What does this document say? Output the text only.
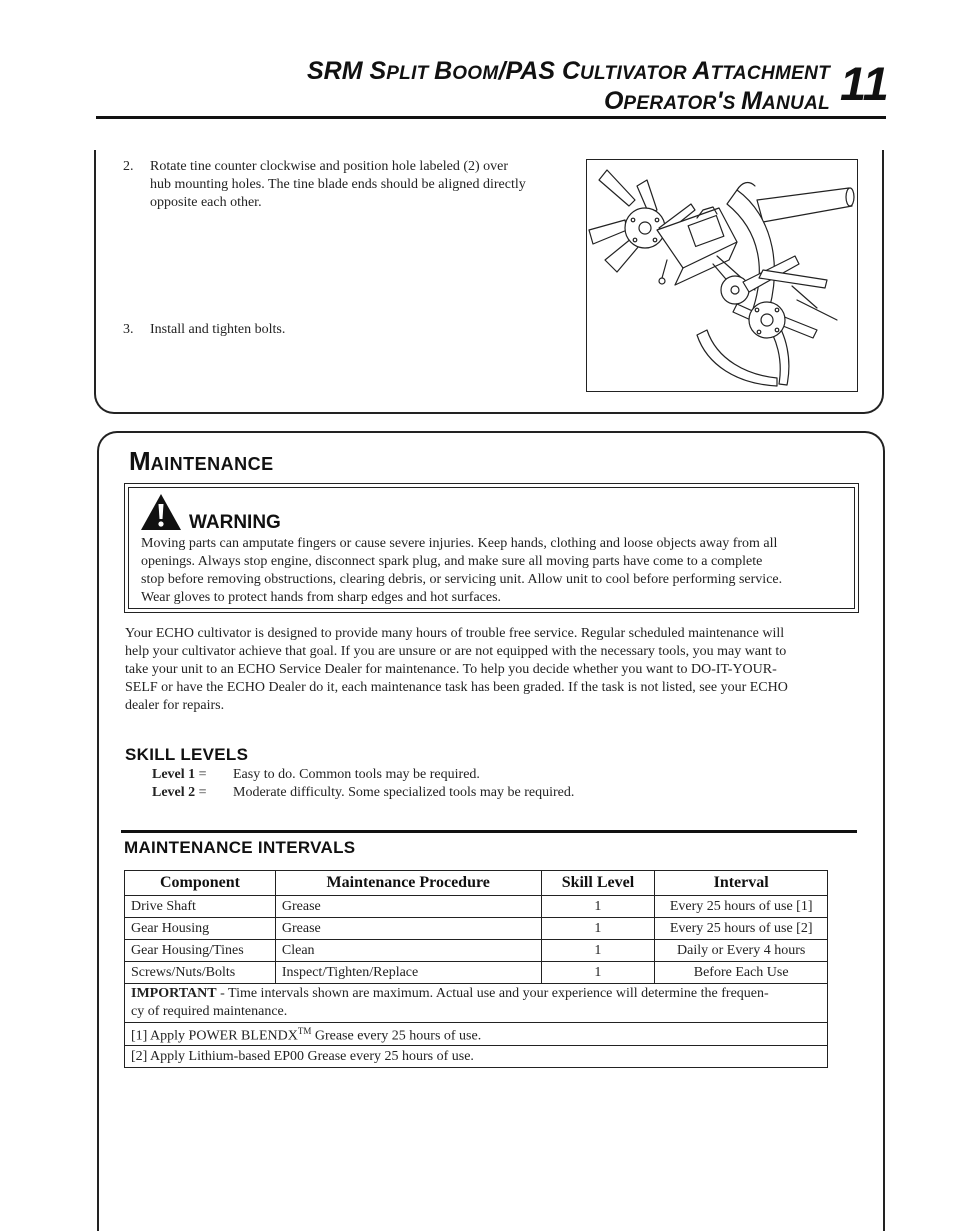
SRM SPLIT BOOM/PAS CULTIVATOR ATTACHMENT
OPERATOR'S MANUAL 11
2. Rotate tine counter clockwise and position hole labeled (2) over
hub mounting holes. The tine blade ends should be aligned directly
opposite each other.
3. Install and tighten bolts.
MAINTENANCE
WARNING
Moving parts can amputate fingers or cause severe injuries. Keep hands, clothing and loose objects away from all
openings. Always stop engine, disconnect spark plug, and make sure all moving parts have come to a complete
stop before removing obstructions, clearing debris, or servicing unit. Allow unit to cool before performing service.
Wear gloves to protect hands from sharp edges and hot surfaces.
Your ECHO cultivator is designed to provide many hours of trouble free service. Regular scheduled maintenance will
help your cultivator achieve that goal. If you are unsure or are not equipped with the necessary tools, you may want to
take your unit to an ECHO Service Dealer for maintenance. To help you decide whether you want to DO-IT-YOUR-
SELF or have the ECHO Dealer do it, each maintenance task has been graded. If the task is not listed, see your ECHO
dealer for repairs.
SKILL LEVELS
Level 1 = Easy to do. Common tools may be required.
Level 2 = Moderate difficulty. Some specialized tools may be required.
MAINTENANCE INTERVALS
Component	Maintenance Procedure	Skill Level	Interval
Drive Shaft	Grease	1	Every 25 hours of use [1]
Gear Housing	Grease	1	Every 25 hours of use [2]
Gear Housing/Tines	Clean	1	Daily or Every 4 hours
Screws/Nuts/Bolts	Inspect/Tighten/Replace	1	Before Each Use
IMPORTANT - Time intervals shown are maximum. Actual use and your experience will determine the frequen-
cy of required maintenance.			
[1] Apply POWER BLENDX™ Grease every 25 hours of use.			
[2] Apply Lithium-based EP00 Grease every 25 hours of use.			
